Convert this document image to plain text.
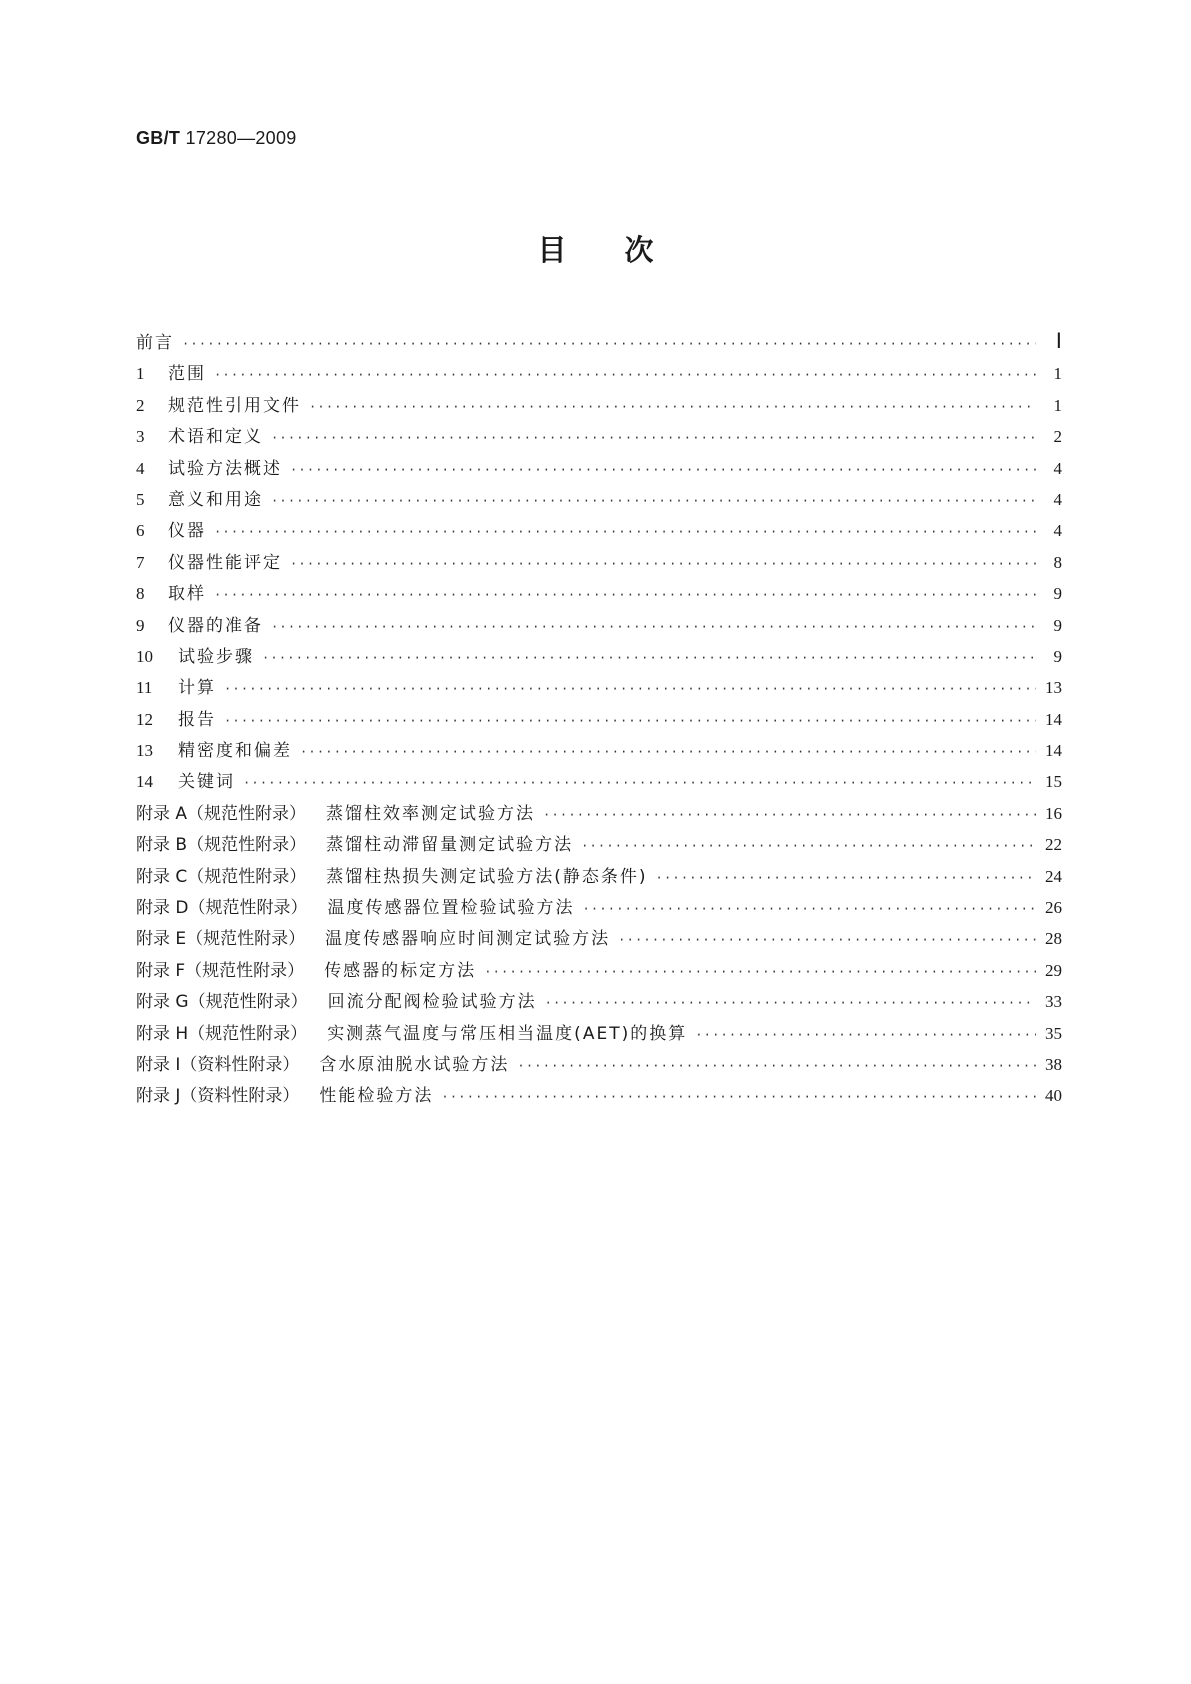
GB/T 17280—2009
目次
前言 ·····	Ⅰ
1	范围 ·····	1
2	规范性引用文件 ·····	1
3	术语和定义 ·····	2
4	试验方法概述 ·····	4
5	意义和用途 ·····	4
6	仪器 ·····	4
7	仪器性能评定 ·····	8
8	取样 ·····	9
9	仪器的准备 ·····	9
10	试验步骤 ·····	9
11	计算 ·····	13
12	报告 ·····	14
13	精密度和偏差 ·····	14
14	关键词 ·····	15
附录 A（规范性附录） 蒸馏柱效率测定试验方法 ·····	16
附录 B（规范性附录） 蒸馏柱动滞留量测定试验方法 ·····	22
附录 C（规范性附录） 蒸馏柱热损失测定试验方法(静态条件) ·····	24
附录 D（规范性附录） 温度传感器位置检验试验方法 ·····	26
附录 E（规范性附录） 温度传感器响应时间测定试验方法 ·····	28
附录 F（规范性附录） 传感器的标定方法 ·····	29
附录 G（规范性附录） 回流分配阀检验试验方法 ·····	33
附录 H（规范性附录） 实测蒸气温度与常压相当温度(AET)的换算 ·····	35
附录 I（资料性附录） 含水原油脱水试验方法 ·····	38
附录 J（资料性附录） 性能检验方法 ·····	40
